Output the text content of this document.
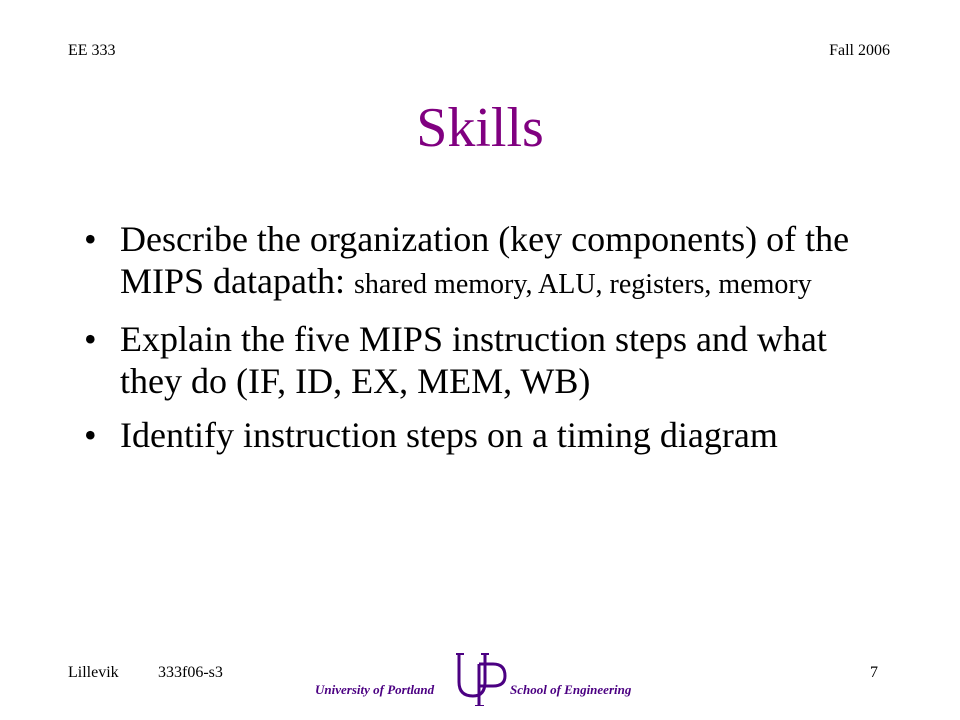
EE 333	Fall 2006
Skills
• Describe the organization (key components) of the MIPS datapath: shared memory, ALU, registers, memory
• Explain the five MIPS instruction steps and what they do (IF, ID, EX, MEM, WB)
• Identify instruction steps on a timing diagram
Lillevik 333f06-s3	7
University of Portland	School of Engineering
